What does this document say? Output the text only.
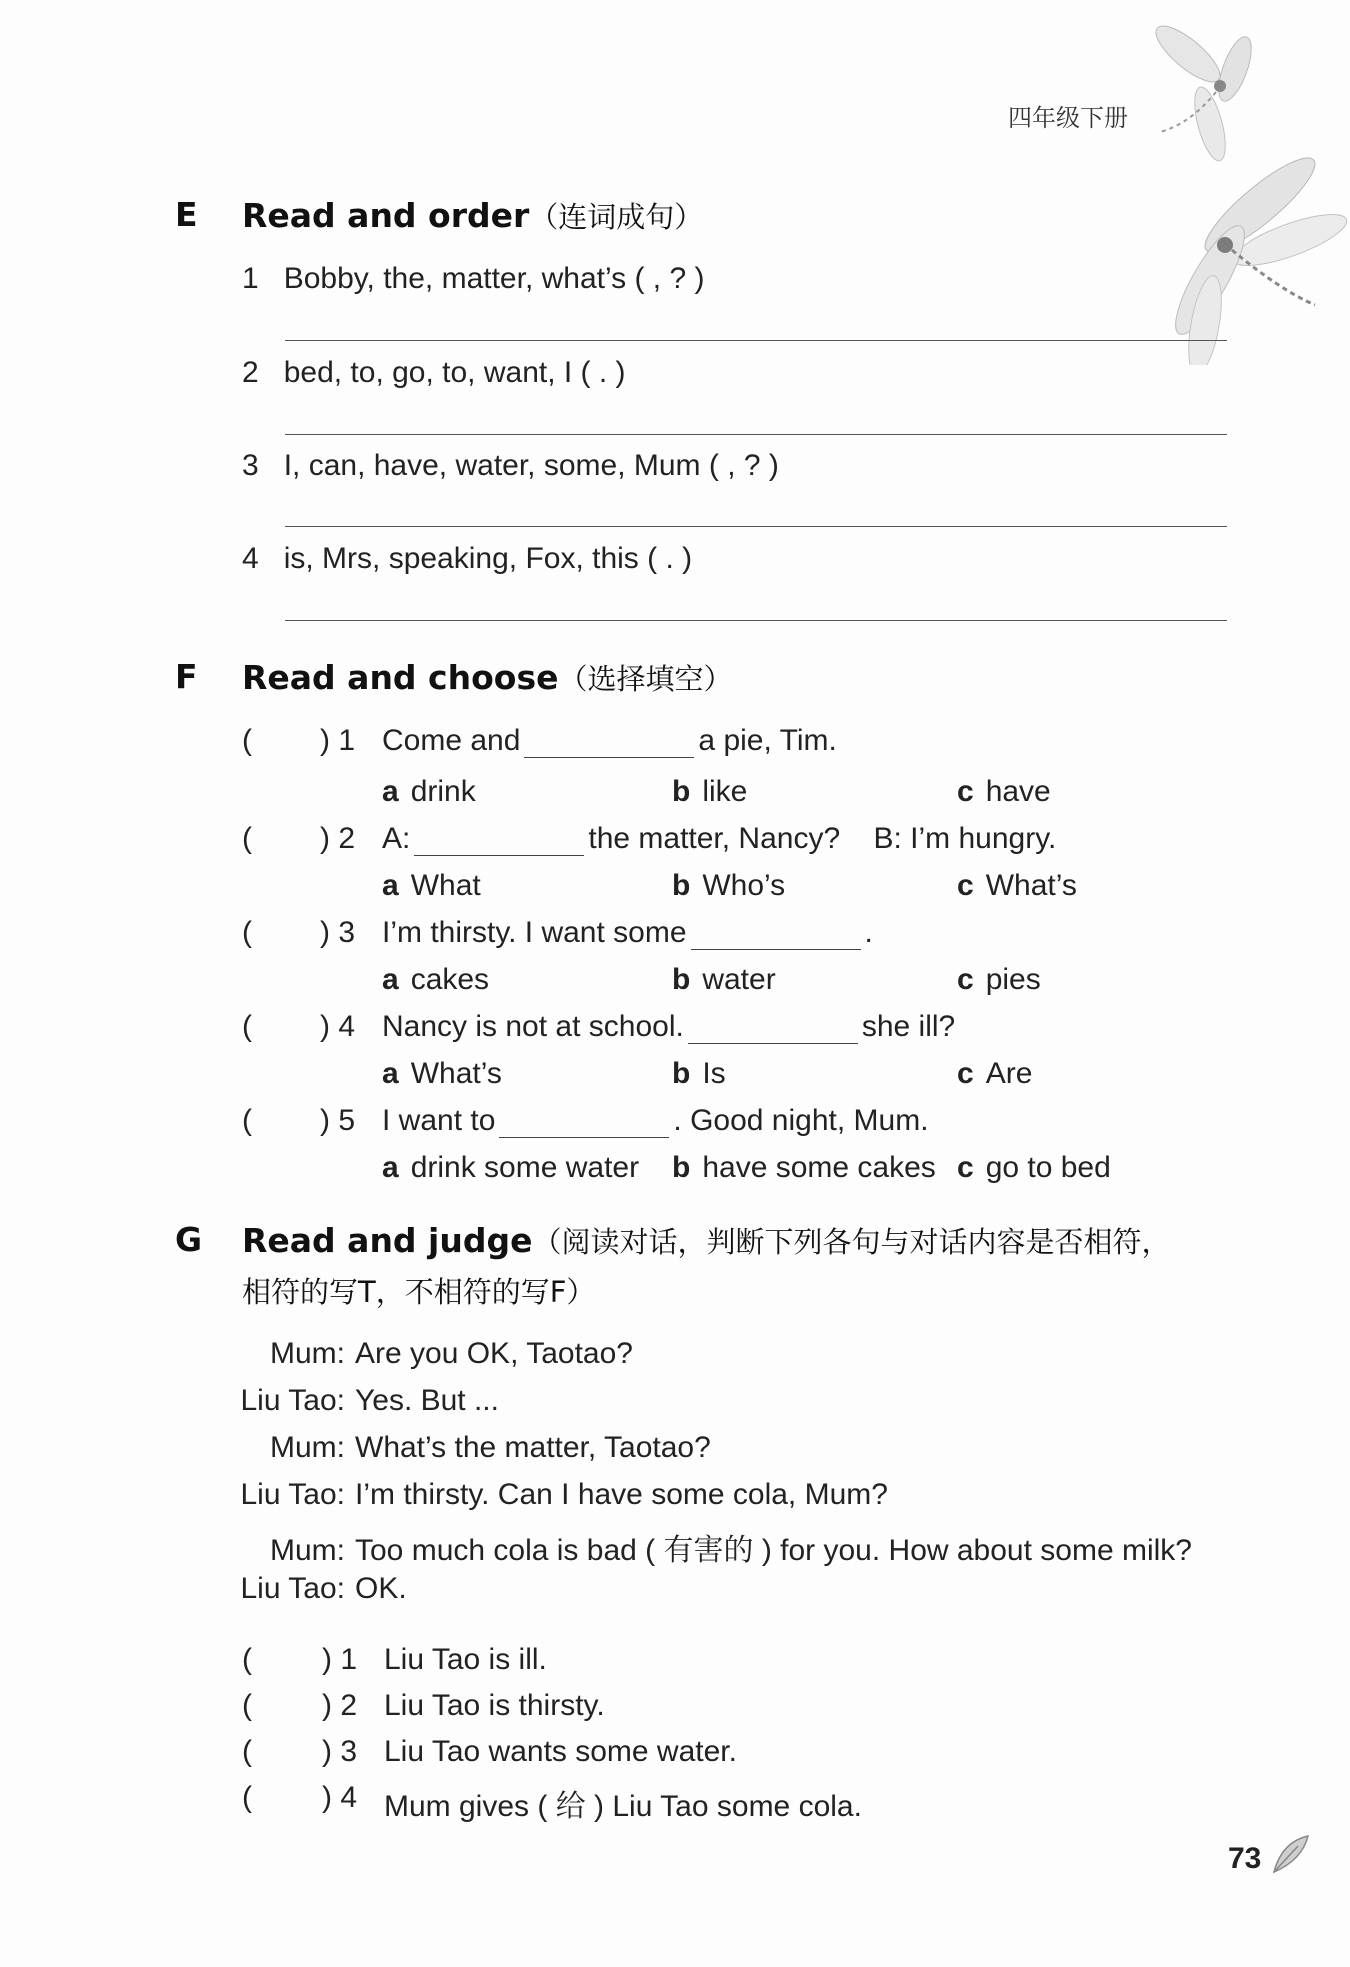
四年级下册
E Read and order（连词成句）
1 Bobby, the, matter, what’s ( , ? )
2 bed, to, go, to, want, I ( . )
3 I, can, have, water, some, Mum ( , ? )
4 is, Mrs, speaking, Fox, this ( . )
F Read and choose（选择填空）
( ) 1 Come and	a pie, Tim.
a drink	b like	c have
( ) 2 A:	the matter, Nancy?    B: I’m hungry.
a What	b Who’s	c What’s
( ) 3 I’m thirsty. I want some	.
a cakes	b water	c pies
( ) 4 Nancy is not at school.	she ill?
a What’s	b Is	c Are
( ) 5 I want to	. Good night, Mum.
a drink some water b have some cakes c go to bed
G Read and judge（阅读对话，判断下列各句与对话内容是否相符，
相符的写T，不相符的写F）
Mum: Are you OK, Taotao?
Liu Tao: Yes. But ...
Mum: What’s the matter, Taotao?
Liu Tao: I’m thirsty. Can I have some cola, Mum?
Mum: Too much cola is bad ( 有害的 ) for you. How about some milk?
Liu Tao: OK.
( ) 1 Liu Tao is ill.
( ) 2 Liu Tao is thirsty.
( ) 3 Liu Tao wants some water.
( ) 4 Mum gives ( 给 ) Liu Tao some cola.
73
